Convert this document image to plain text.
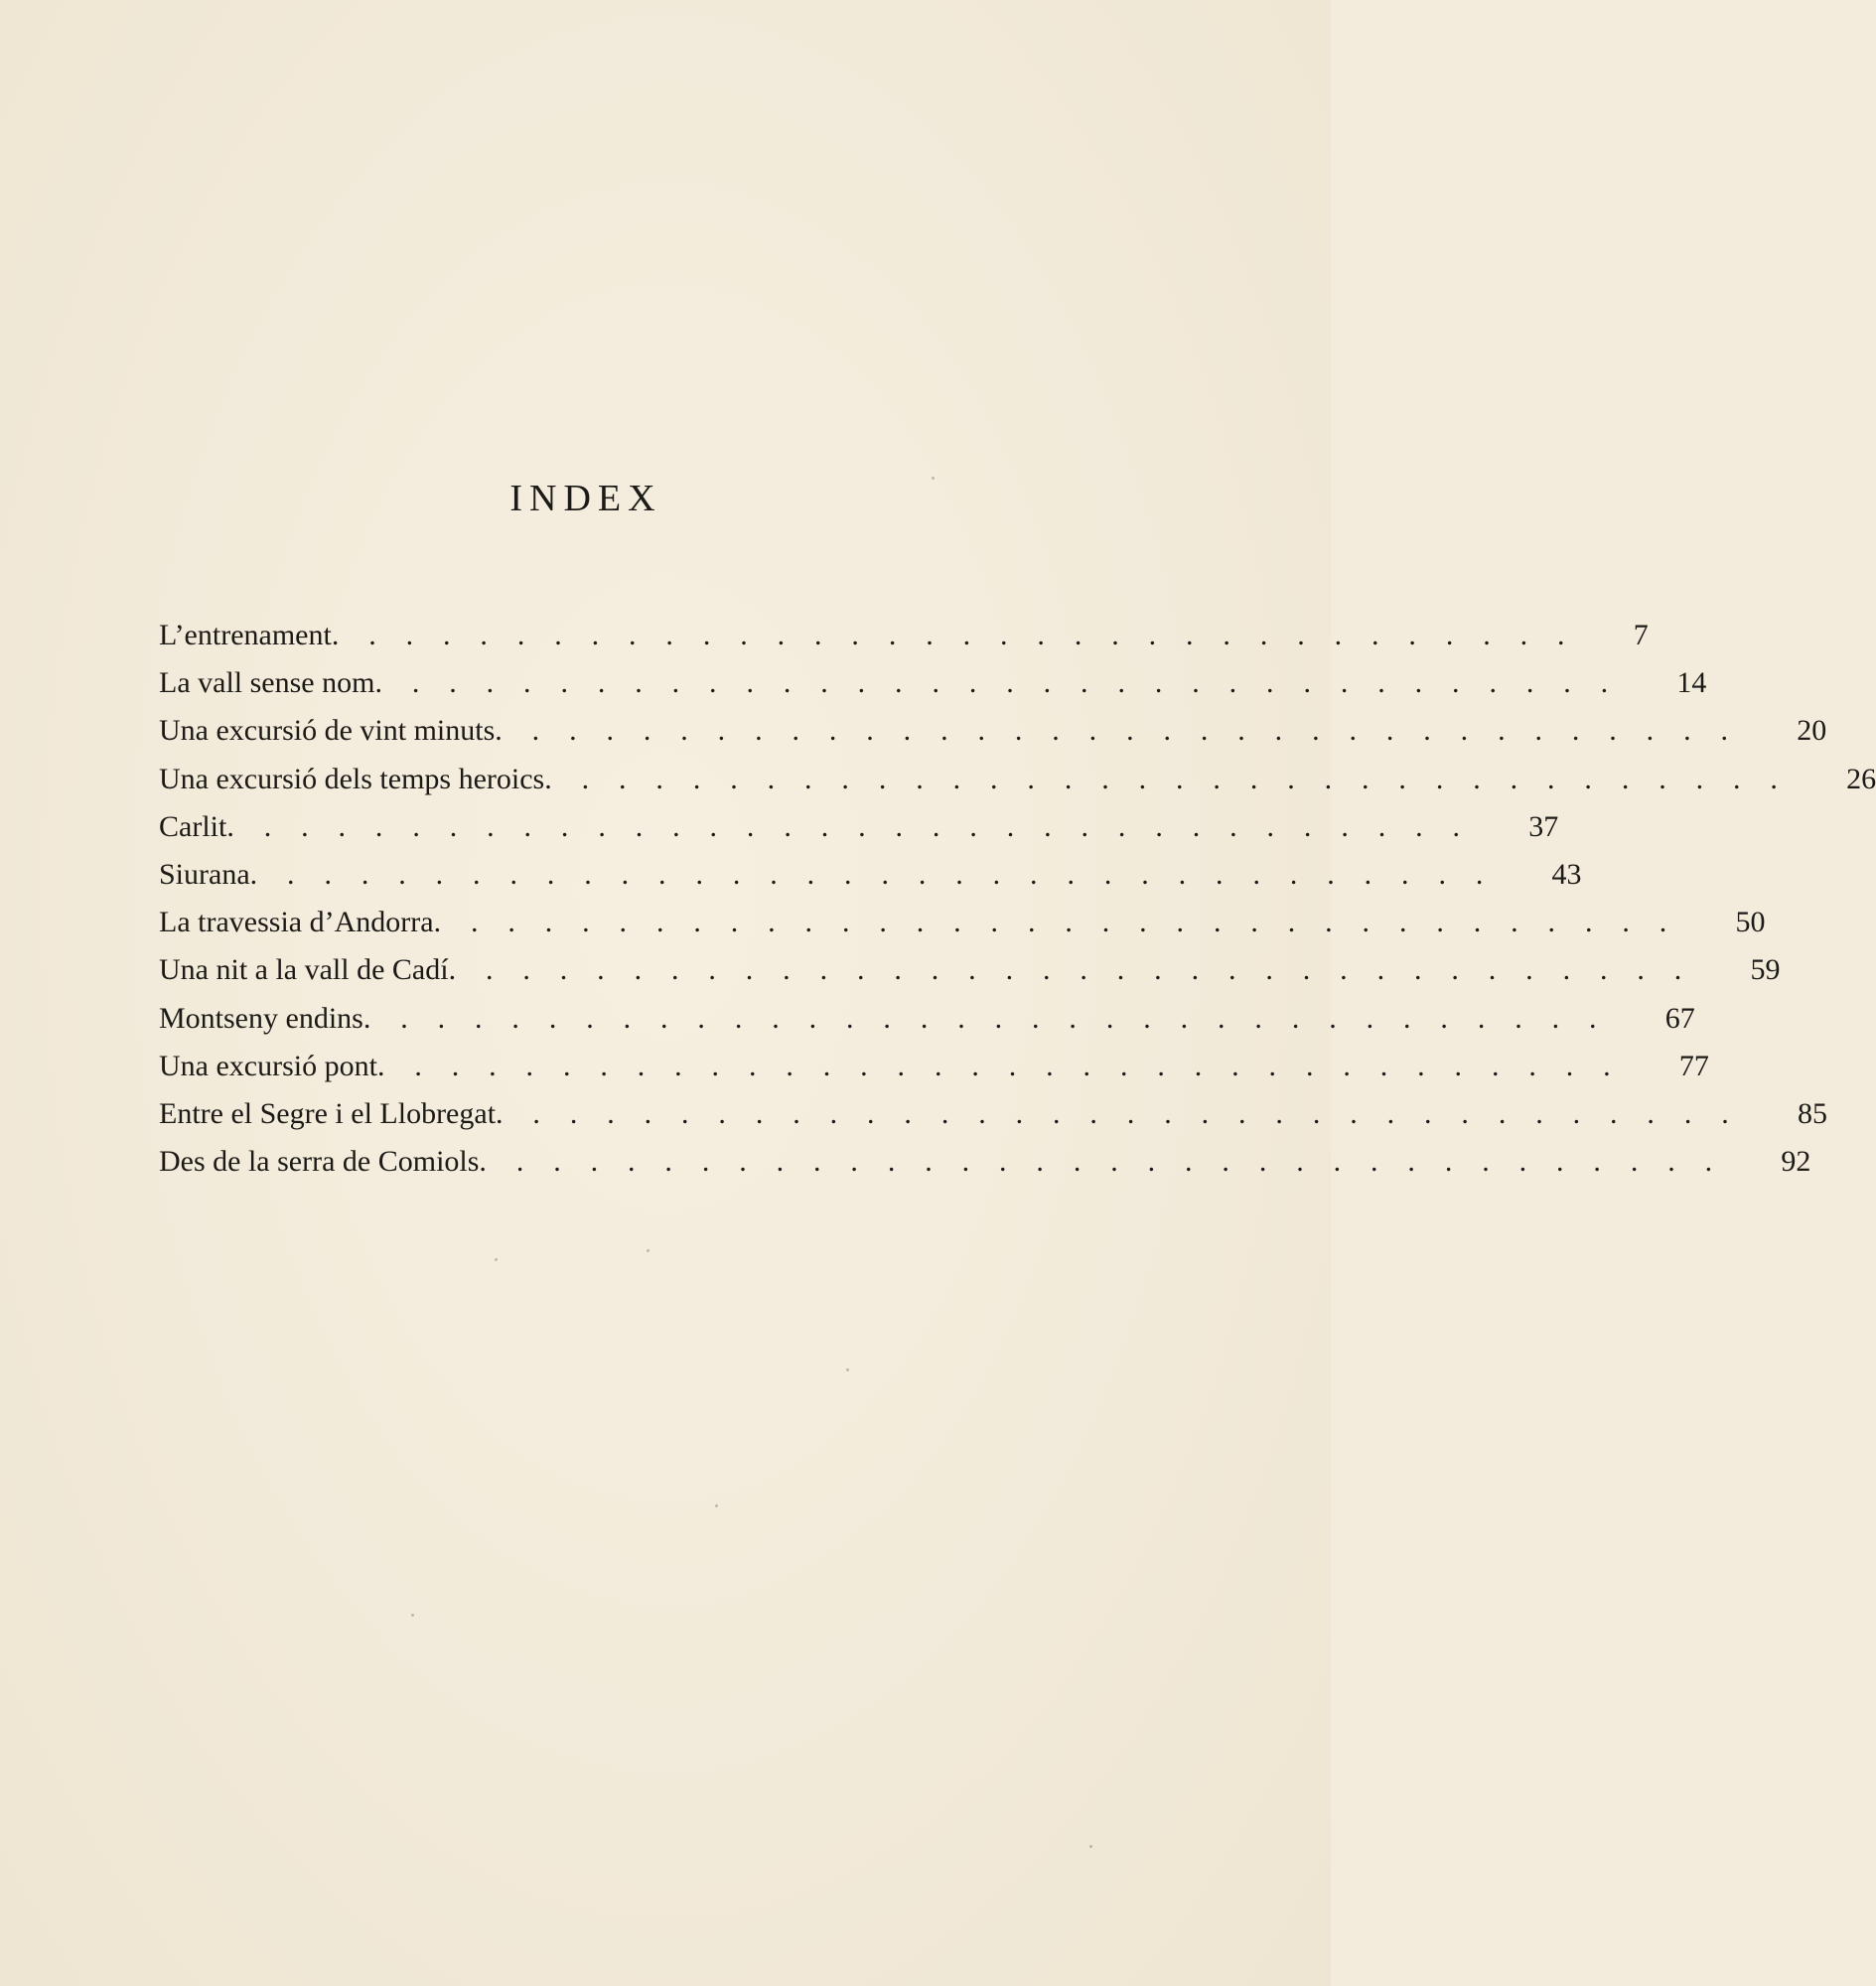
INDEX
L’entrenament . . . . . . . . . . . . . . . . . . . . . . . . . . . . . . . . . . 7
La vall sense nom . . . . . . . . . . . . . . . . . . . . . . . . . . . . . . . . . . 14
Una excursió de vint minuts . . . . . . . . . . . . . . . . . . . . . . . . . . . . . . . . . . 20
Una excursió dels temps heroics . . . . . . . . . . . . . . . . . . . . . . . . . . . . . . . . . . 26
Carlit . . . . . . . . . . . . . . . . . . . . . . . . . . . . . . . . . . 37
Siurana . . . . . . . . . . . . . . . . . . . . . . . . . . . . . . . . . . 43
La travessia d’Andorra . . . . . . . . . . . . . . . . . . . . . . . . . . . . . . . . . . 50
Una nit a la vall de Cadí . . . . . . . . . . . . . . . . . . . . . . . . . . . . . . . . . . 59
Montseny endins . . . . . . . . . . . . . . . . . . . . . . . . . . . . . . . . . . 67
Una excursió pont . . . . . . . . . . . . . . . . . . . . . . . . . . . . . . . . . . 77
Entre el Segre i el Llobregat . . . . . . . . . . . . . . . . . . . . . . . . . . . . . . . . . . 85
Des de la serra de Comiols . . . . . . . . . . . . . . . . . . . . . . . . . . . . . . . . . . 92
